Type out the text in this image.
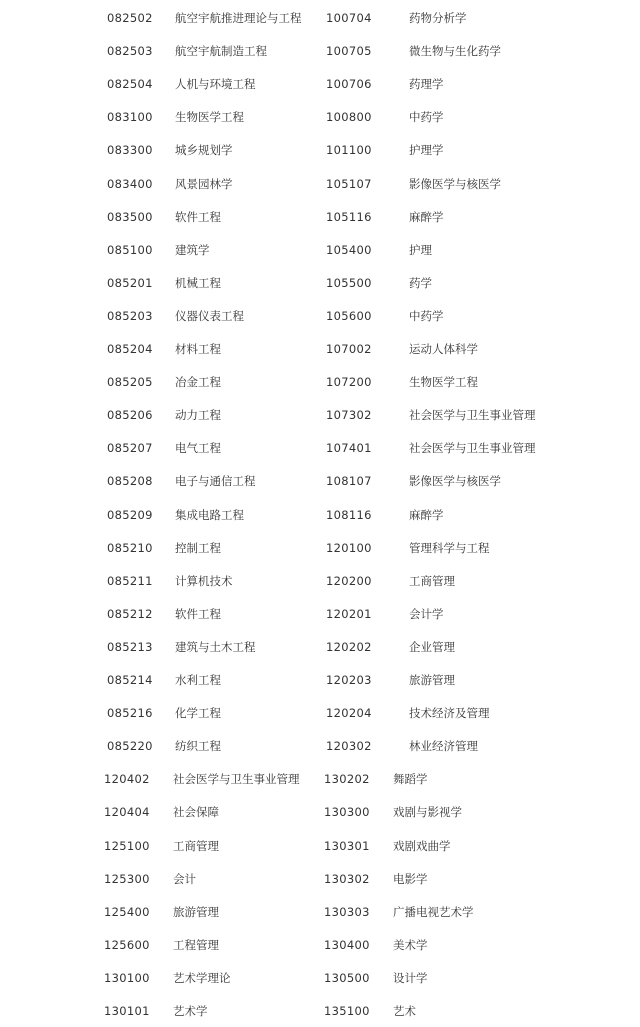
082502 航空宇航推进理论与工程 100704	药物分析学
082503 航空宇航制造工程	100705	微生物与生化药学
082504 人机与环境工程	100706	药理学
083100 生物医学工程	100800	中药学
083300 城乡规划学	101100	护理学
083400 风景园林学	105107	影像医学与核医学
083500 软件工程	105116	麻醉学
085100 建筑学	105400	护理
085201 机械工程	105500	药学
085203 仪器仪表工程	105600	中药学
085204 材料工程	107002	运动人体科学
085205 冶金工程	107200	生物医学工程
085206 动力工程	107302	社会医学与卫生事业管理
085207 电气工程	107401	社会医学与卫生事业管理
085208 电子与通信工程	108107	影像医学与核医学
085209 集成电路工程	108116	麻醉学
085210 控制工程	120100	管理科学与工程
085211 计算机技术	120200	工商管理
085212 软件工程	120201	会计学
085213 建筑与土木工程	120202	企业管理
085214 水利工程	120203	旅游管理
085216 化学工程	120204	技术经济及管理
085220 纺织工程	120302	林业经济管理
120402 社会医学与卫生事业管理 130202 舞蹈学
120404 社会保障	130300 戏剧与影视学
125100 工商管理	130301 戏剧戏曲学
125300 会计	130302 电影学
125400 旅游管理	130303 广播电视艺术学
125600 工程管理	130400 美术学
130100 艺术学理论	130500 设计学
130101 艺术学	135100 艺术
